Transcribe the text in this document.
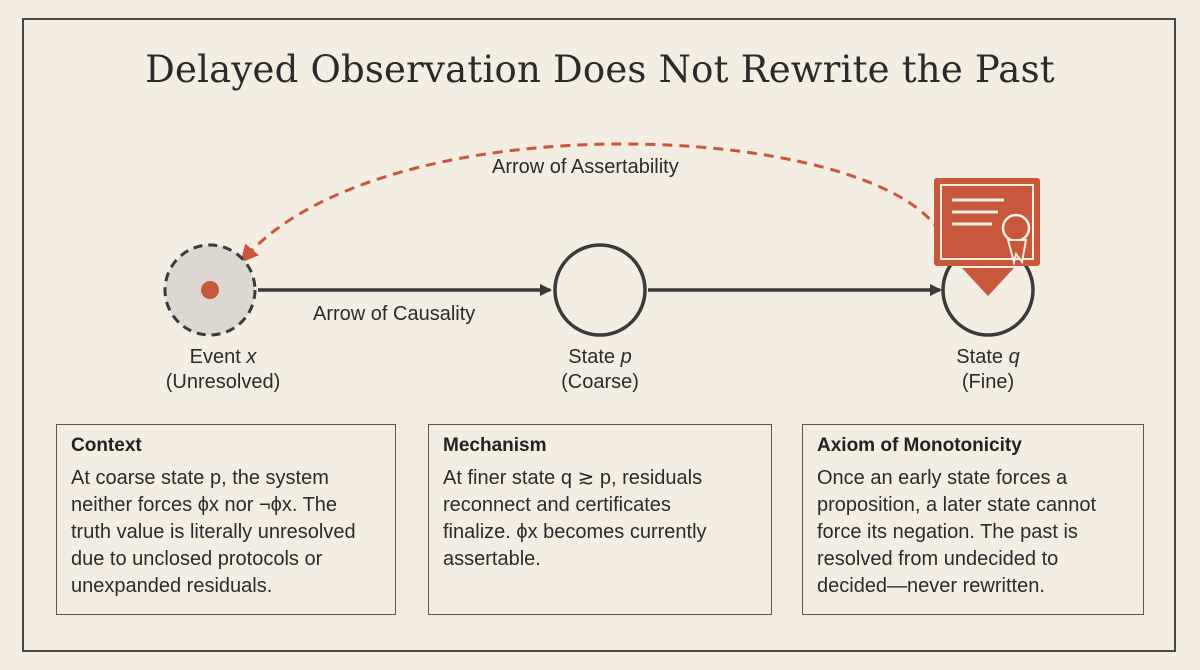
Delayed Observation Does Not Rewrite the Past
Arrow of Assertability
Arrow of Causality
Event x
(Unresolved)
State p
(Coarse)
State q
(Fine)
Context
At coarse state p, the system
neither forces ϕx nor ¬ϕx. The
truth value is literally unresolved
due to unclosed protocols or
unexpanded residuals.
Mechanism
At finer state q ≳ p, residuals
reconnect and certificates
finalize. ϕx becomes currently
assertable.
Axiom of Monotonicity
Once an early state forces a
proposition, a later state cannot
force its negation. The past is
resolved from undecided to
decided—never rewritten.
